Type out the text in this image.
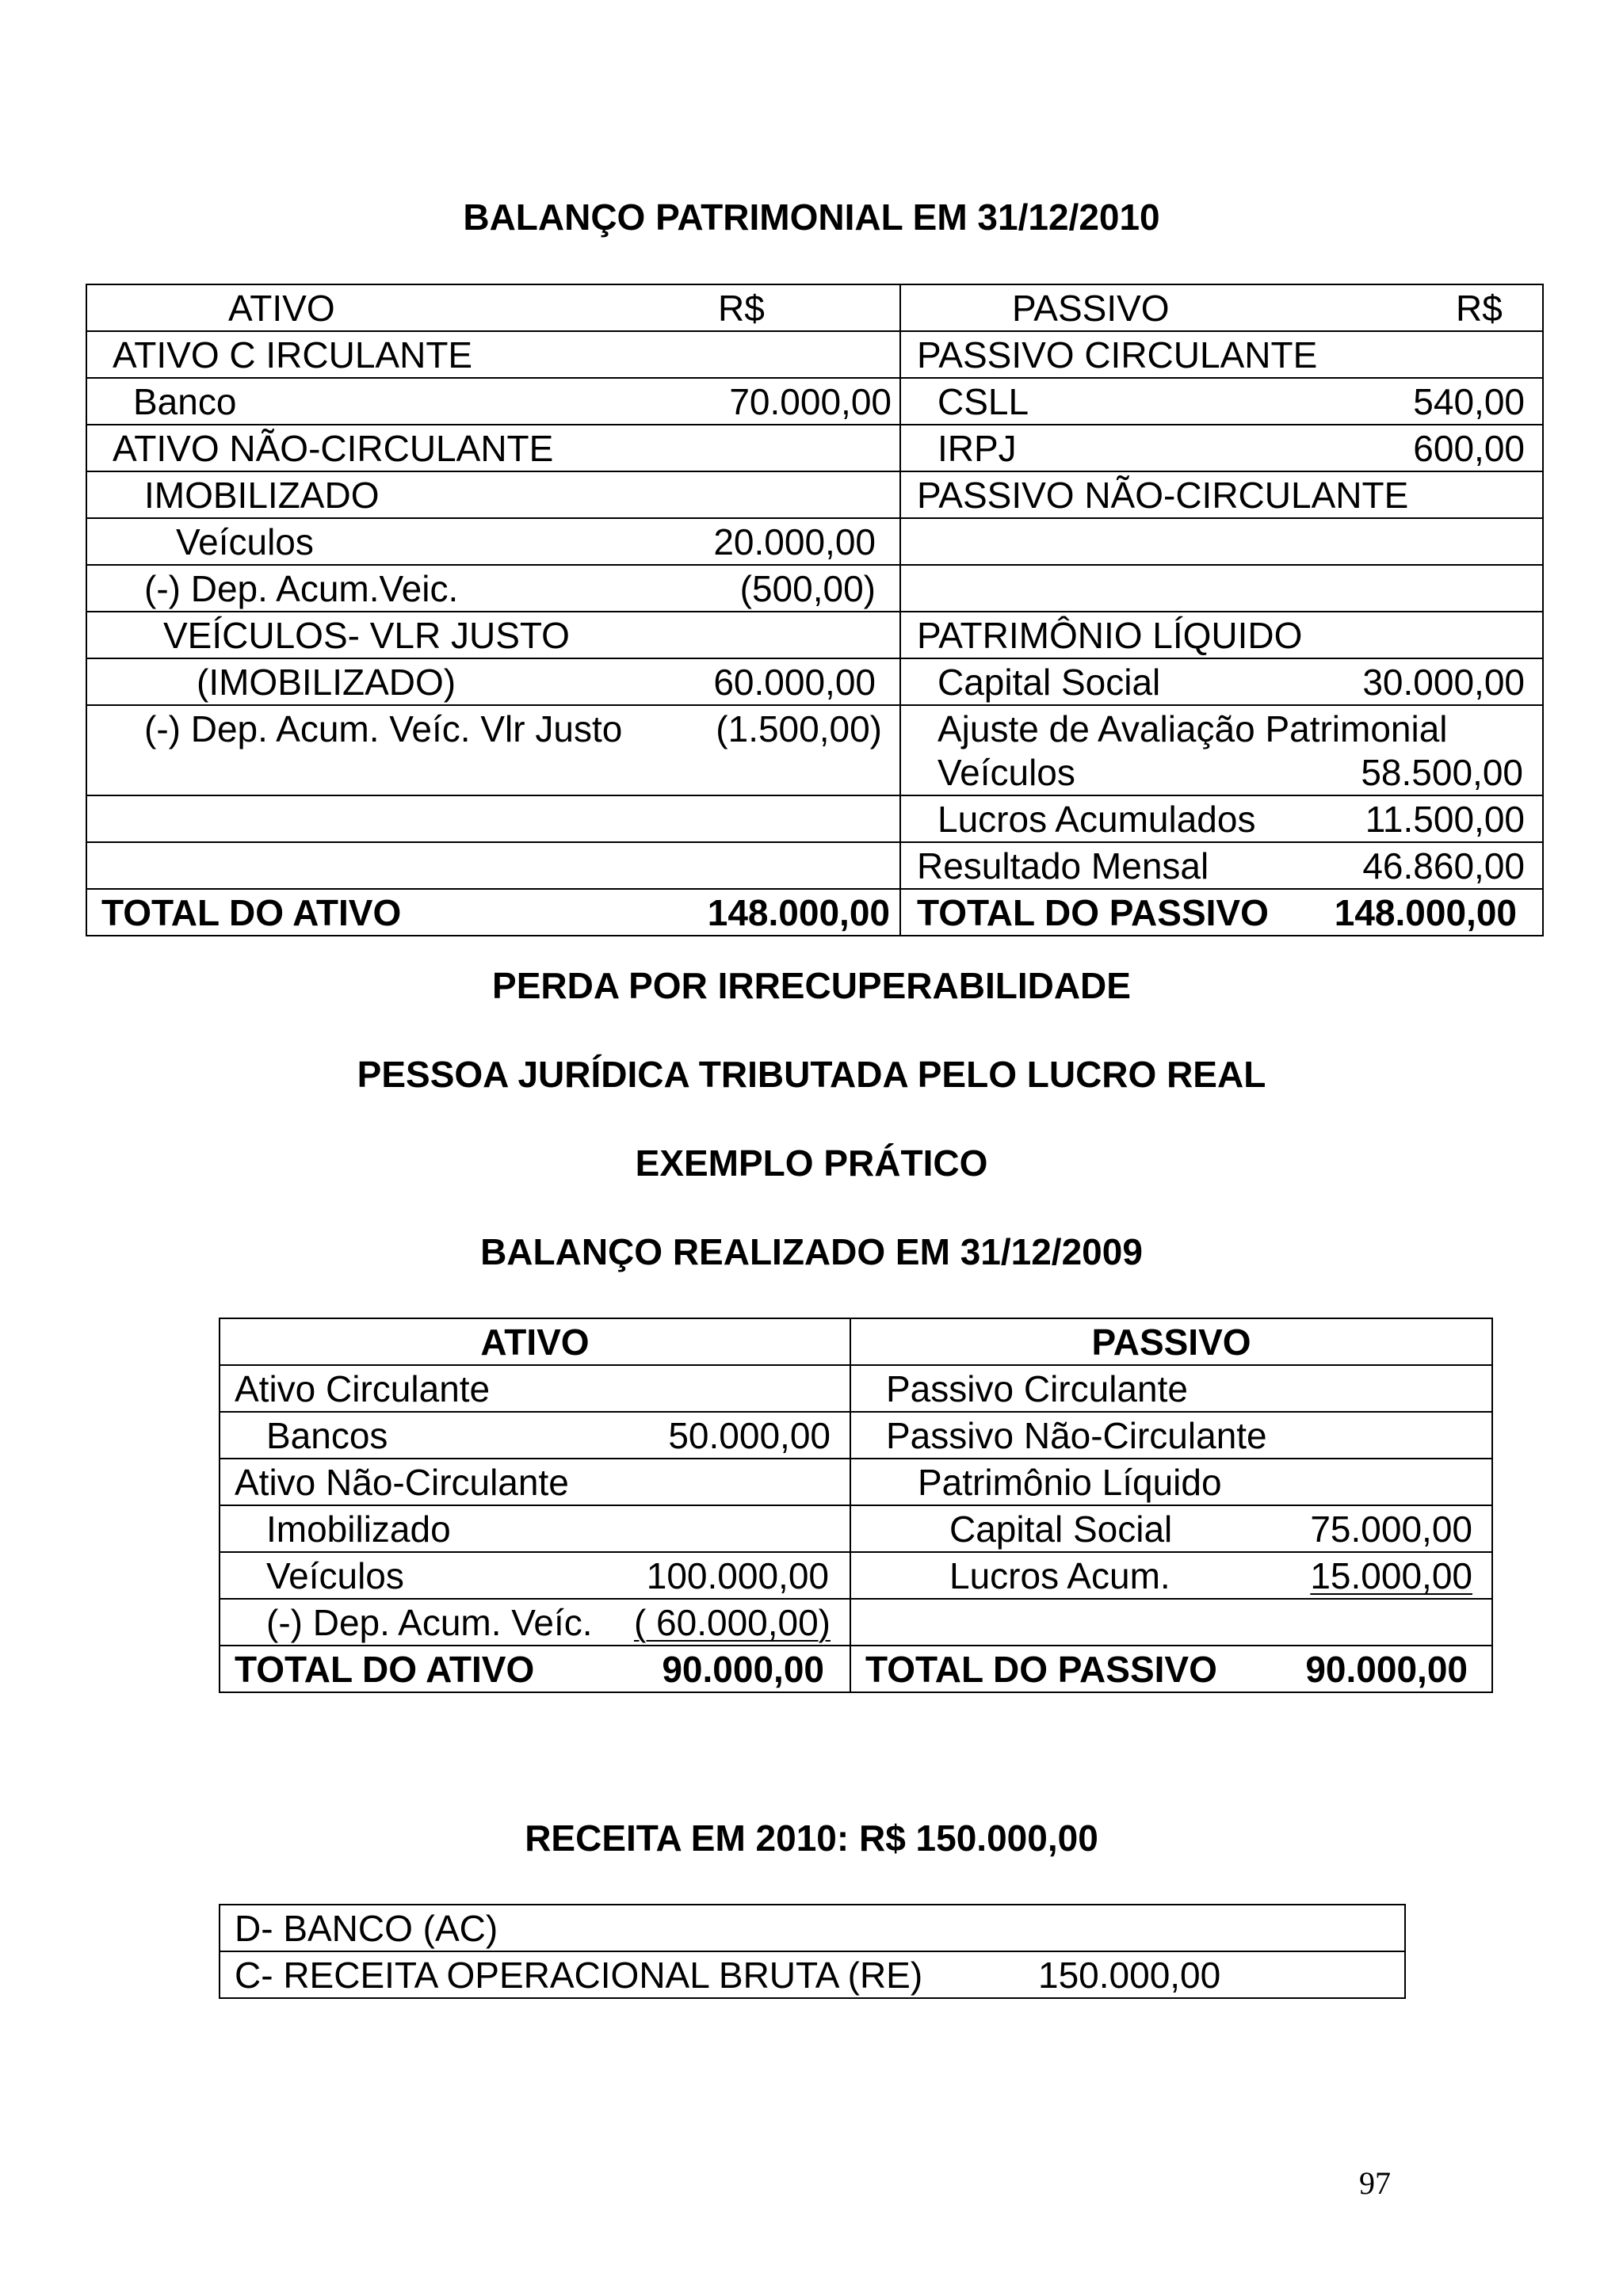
BALANÇO PATRIMONIAL EM 31/12/2010
ATIVO R$	PASSIVO R$

ATIVO C IRCULANTE	PASSIVO CIRCULANTE

Banco 70.000,00	CSLL 540,00

ATIVO NÃO-CIRCULANTE	IRPJ 600,00

IMOBILIZADO	PASSIVO NÃO-CIRCULANTE

Veículos 20.000,00	

(-) Dep. Acum.Veic. (500,00)	

VEÍCULOS- VLR JUSTO	PATRIMÔNIO LÍQUIDO

(IMOBILIZADO) 60.000,00	Capital Social 30.000,00

(-) Dep. Acum. Veíc. Vlr Justo (1.500,00)	Ajuste de Avaliação Patrimonial
Veículos 58.500,00

	Lucros Acumulados 11.500,00

	Resultado Mensal 46.860,00

TOTAL DO ATIVO 148.000,00	TOTAL DO PASSIVO 148.000,00
PERDA POR IRRECUPERABILIDADE
PESSOA JURÍDICA TRIBUTADA PELO LUCRO REAL
EXEMPLO PRÁTICO
BALANÇO REALIZADO EM 31/12/2009
ATIVO	PASSIVO

Ativo Circulante	Passivo Circulante

Bancos 50.000,00	Passivo Não-Circulante

Ativo Não-Circulante	Patrimônio Líquido

Imobilizado	Capital Social 75.000,00

Veículos 100.000,00	Lucros Acum. 15.000,00

(-) Dep. Acum. Veíc. ( 60.000,00)	

TOTAL DO ATIVO 90.000,00	TOTAL DO PASSIVO 90.000,00
RECEITA EM 2010: R$ 150.000,00
D- BANCO (AC)

C- RECEITA OPERACIONAL BRUTA (RE)	150.000,00
97
